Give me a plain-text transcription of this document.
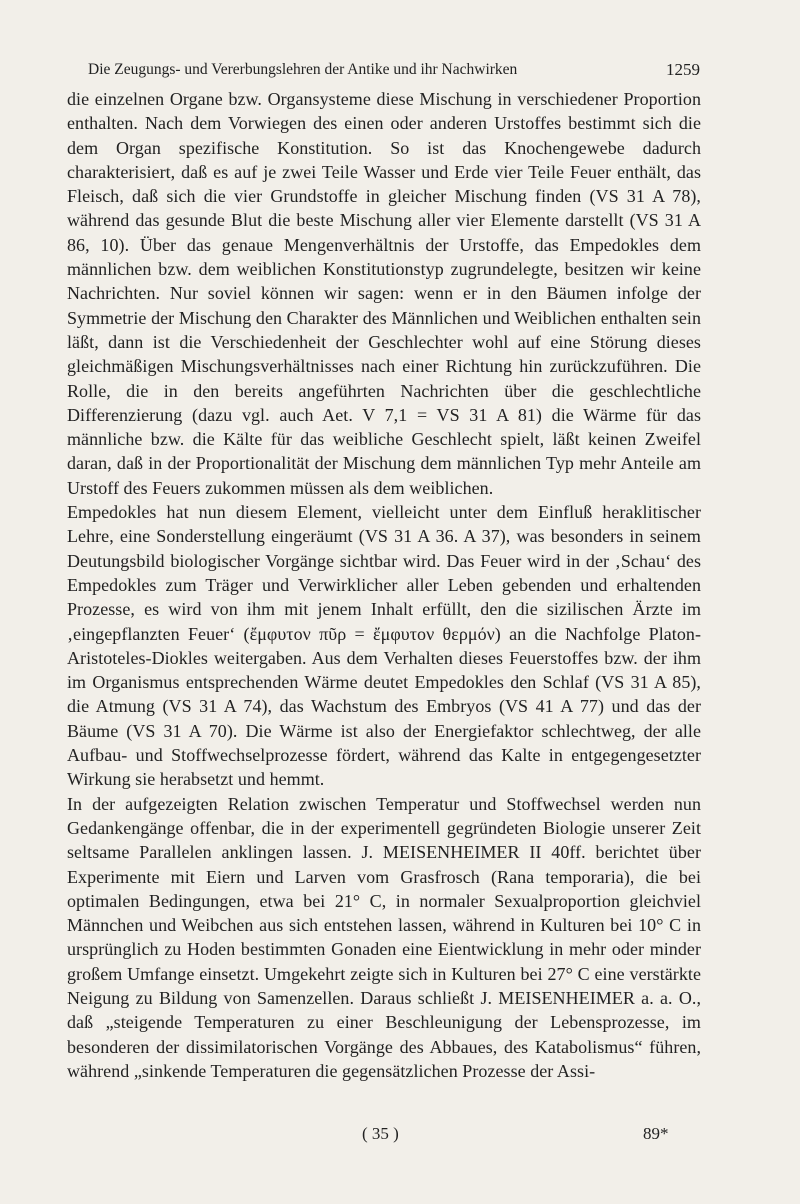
Die Zeugungs- und Vererbungslehren der Antike und ihr Nachwirken	1259

die einzelnen Organe bzw. Organsysteme diese Mischung in verschiedener Proportion enthalten. Nach dem Vorwiegen des einen oder anderen Urstoffes bestimmt sich die dem Organ spezifische Konstitution. So ist das Knochengewebe dadurch charakterisiert, daß es auf je zwei Teile Wasser und Erde vier Teile Feuer enthält, das Fleisch, daß sich die vier Grundstoffe in gleicher Mischung finden (VS 31 A 78), während das gesunde Blut die beste Mischung aller vier Elemente darstellt (VS 31 A 86, 10). Über das genaue Mengenverhältnis der Urstoffe, das Empedokles dem männlichen bzw. dem weiblichen Konstitutionstyp zugrundelegte, besitzen wir keine Nachrichten. Nur soviel können wir sagen: wenn er in den Bäumen infolge der Symmetrie der Mischung den Charakter des Männlichen und Weiblichen enthalten sein läßt, dann ist die Verschiedenheit der Geschlechter wohl auf eine Störung dieses gleichmäßigen Mischungsverhältnisses nach einer Richtung hin zurückzuführen. Die Rolle, die in den bereits angeführten Nachrichten über die geschlechtliche Differenzierung (dazu vgl. auch Aet. V 7,1 = VS 31 A 81) die Wärme für das männliche bzw. die Kälte für das weibliche Geschlecht spielt, läßt keinen Zweifel daran, daß in der Proportionalität der Mischung dem männlichen Typ mehr Anteile am Urstoff des Feuers zukommen müssen als dem weiblichen.

Empedokles hat nun diesem Element, vielleicht unter dem Einfluß heraklitischer Lehre, eine Sonderstellung eingeräumt (VS 31 A 36. A 37), was besonders in seinem Deutungsbild biologischer Vorgänge sichtbar wird. Das Feuer wird in der ‚Schau‘ des Empedokles zum Träger und Verwirklicher aller Leben gebenden und erhaltenden Prozesse, es wird von ihm mit jenem Inhalt erfüllt, den die sizilischen Ärzte im ‚eingepflanzten Feuer‘ (ἔμφυτον πῦρ = ἔμφυτον θερμόν) an die Nachfolge Platon-Aristoteles-Diokles weitergaben. Aus dem Verhalten dieses Feuerstoffes bzw. der ihm im Organismus entsprechenden Wärme deutet Empedokles den Schlaf (VS 31 A 85), die Atmung (VS 31 A 74), das Wachstum des Embryos (VS 41 A 77) und das der Bäume (VS 31 A 70). Die Wärme ist also der Energiefaktor schlechtweg, der alle Aufbau- und Stoffwechselprozesse fördert, während das Kalte in entgegengesetzter Wirkung sie herabsetzt und hemmt.

In der aufgezeigten Relation zwischen Temperatur und Stoffwechsel werden nun Gedankengänge offenbar, die in der experimentell gegründeten Biologie unserer Zeit seltsame Parallelen anklingen lassen. J. MEISENHEIMER II 40ff. berichtet über Experimente mit Eiern und Larven vom Grasfrosch (Rana temporaria), die bei optimalen Bedingungen, etwa bei 21° C, in normaler Sexualproportion gleichviel Männchen und Weibchen aus sich entstehen lassen, während in Kulturen bei 10° C in ursprünglich zu Hoden bestimmten Gonaden eine Eientwicklung in mehr oder minder großem Umfange einsetzt. Umgekehrt zeigte sich in Kulturen bei 27° C eine verstärkte Neigung zu Bildung von Samenzellen. Daraus schließt J. MEISENHEIMER a. a. O., daß „steigende Temperaturen zu einer Beschleunigung der Lebensprozesse, im besonderen der dissimilatorischen Vorgänge des Abbaues, des Katabolismus“ führen, während „sinkende Temperaturen die gegensätzlichen Prozesse der Assi-

( 35 )	89*
